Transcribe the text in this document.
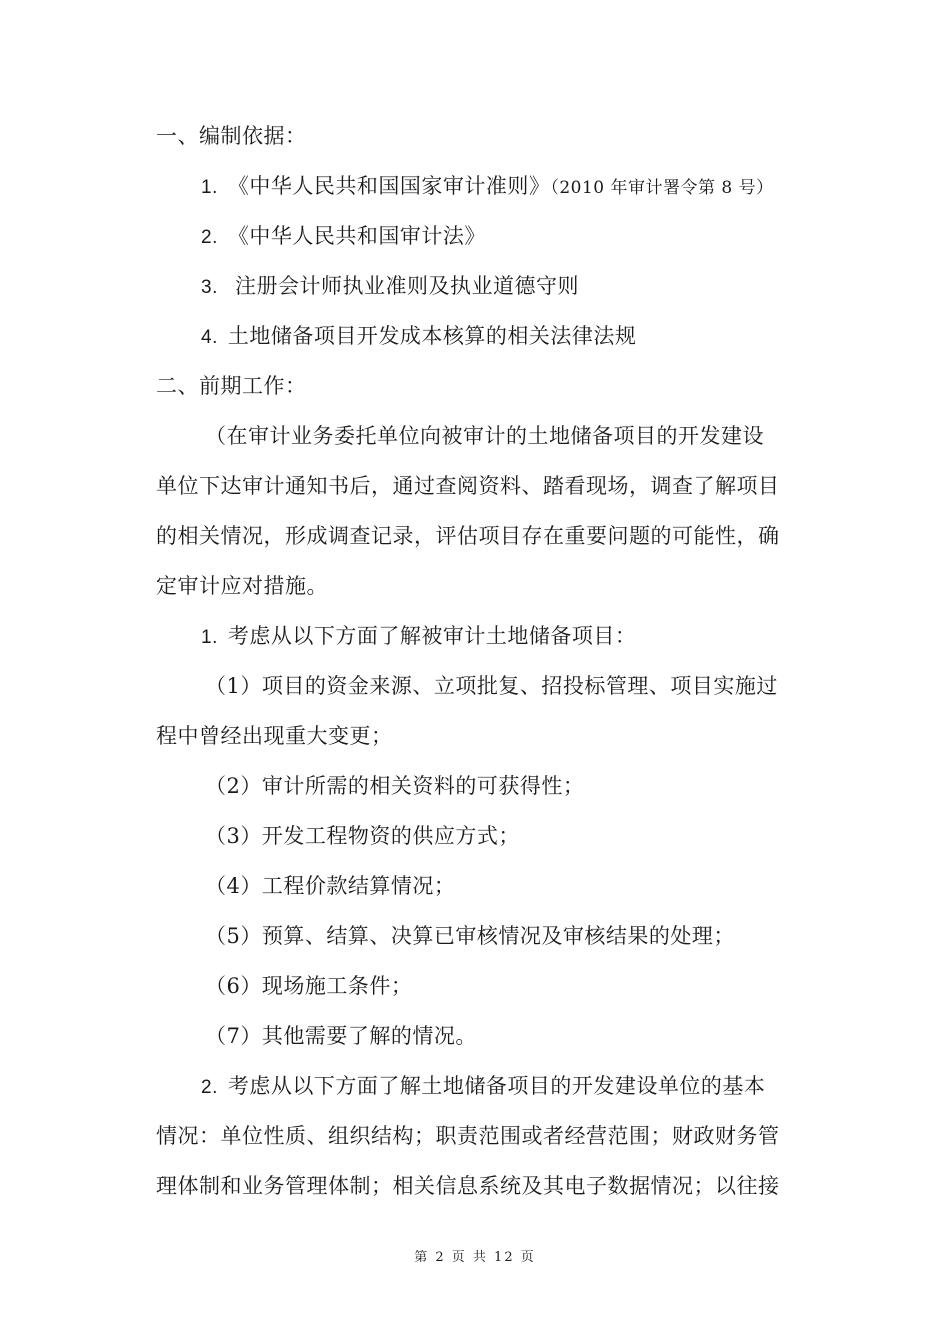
一、编制依据：
1. 《中华人民共和国国家审计准则》（2010 年审计署令第 8 号）
2. 《中华人民共和国审计法》
3. 注册会计师执业准则及执业道德守则
4. 土地储备项目开发成本核算的相关法律法规
二、前期工作：
（在审计业务委托单位向被审计的土地储备项目的开发建设
单位下达审计通知书后，通过查阅资料、踏看现场，调查了解项目
的相关情况，形成调查记录，评估项目存在重要问题的可能性，确
定审计应对措施。
1. 考虑从以下方面了解被审计土地储备项目：
（1）项目的资金来源、立项批复、招投标管理、项目实施过
程中曾经出现重大变更；
（2）审计所需的相关资料的可获得性；
（3）开发工程物资的供应方式；
（4）工程价款结算情况；
（5）预算、结算、决算已审核情况及审核结果的处理；
（6）现场施工条件；
（7）其他需要了解的情况。
2. 考虑从以下方面了解土地储备项目的开发建设单位的基本
情况：单位性质、组织结构；职责范围或者经营范围；财政财务管
理体制和业务管理体制；相关信息系统及其电子数据情况；以往接
第 2 页 共 12 页
